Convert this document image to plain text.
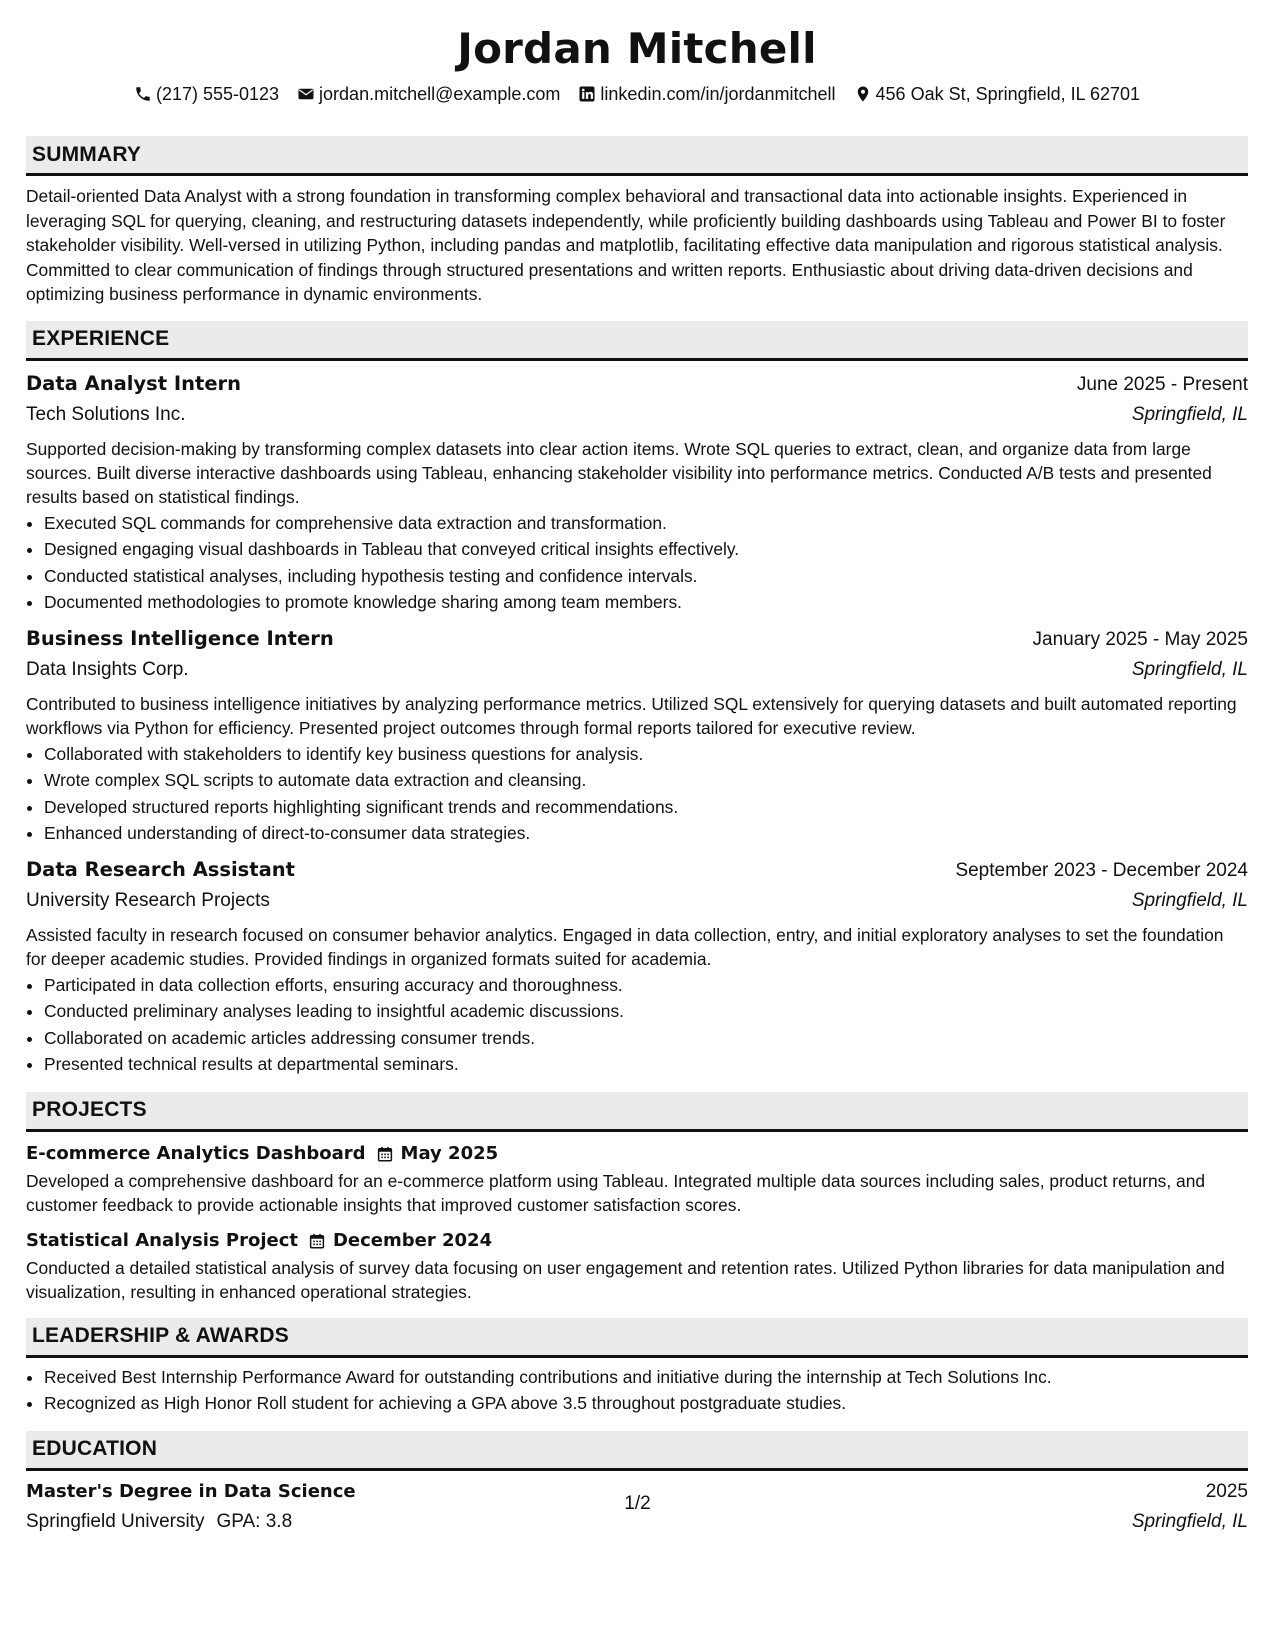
Jordan Mitchell
(217) 555-0123 jordan.mitchell@example.com linkedin.com/in/jordanmitchell 456 Oak St, Springfield, IL 62701
SUMMARY
Detail-oriented Data Analyst with a strong foundation in transforming complex behavioral and transactional data into actionable insights. Experienced in leveraging SQL for querying, cleaning, and restructuring datasets independently, while proficiently building dashboards using Tableau and Power BI to foster stakeholder visibility. Well-versed in utilizing Python, including pandas and matplotlib, facilitating effective data manipulation and rigorous statistical analysis. Committed to clear communication of findings through structured presentations and written reports. Enthusiastic about driving data-driven decisions and optimizing business performance in dynamic environments.
EXPERIENCE
Data Analyst Intern	June 2025 - Present
Tech Solutions Inc.	Springfield, IL
Supported decision-making by transforming complex datasets into clear action items. Wrote SQL queries to extract, clean, and organize data from large sources. Built diverse interactive dashboards using Tableau, enhancing stakeholder visibility into performance metrics. Conducted A/B tests and presented results based on statistical findings.
• Executed SQL commands for comprehensive data extraction and transformation.
• Designed engaging visual dashboards in Tableau that conveyed critical insights effectively.
• Conducted statistical analyses, including hypothesis testing and confidence intervals.
• Documented methodologies to promote knowledge sharing among team members.
Business Intelligence Intern	January 2025 - May 2025
Data Insights Corp.	Springfield, IL
Contributed to business intelligence initiatives by analyzing performance metrics. Utilized SQL extensively for querying datasets and built automated reporting workflows via Python for efficiency. Presented project outcomes through formal reports tailored for executive review.
• Collaborated with stakeholders to identify key business questions for analysis.
• Wrote complex SQL scripts to automate data extraction and cleansing.
• Developed structured reports highlighting significant trends and recommendations.
• Enhanced understanding of direct-to-consumer data strategies.
Data Research Assistant	September 2023 - December 2024
University Research Projects	Springfield, IL
Assisted faculty in research focused on consumer behavior analytics. Engaged in data collection, entry, and initial exploratory analyses to set the foundation for deeper academic studies. Provided findings in organized formats suited for academia.
• Participated in data collection efforts, ensuring accuracy and thoroughness.
• Conducted preliminary analyses leading to insightful academic discussions.
• Collaborated on academic articles addressing consumer trends.
• Presented technical results at departmental seminars.
PROJECTS
E-commerce Analytics Dashboard May 2025
Developed a comprehensive dashboard for an e-commerce platform using Tableau. Integrated multiple data sources including sales, product returns, and customer feedback to provide actionable insights that improved customer satisfaction scores.
Statistical Analysis Project December 2024
Conducted a detailed statistical analysis of survey data focusing on user engagement and retention rates. Utilized Python libraries for data manipulation and visualization, resulting in enhanced operational strategies.
LEADERSHIP & AWARDS
• Received Best Internship Performance Award for outstanding contributions and initiative during the internship at Tech Solutions Inc.
• Recognized as High Honor Roll student for achieving a GPA above 3.5 throughout postgraduate studies.
EDUCATION
Master's Degree in Data Science	2025
Springfield University GPA: 3.8	Springfield, IL
1/2
